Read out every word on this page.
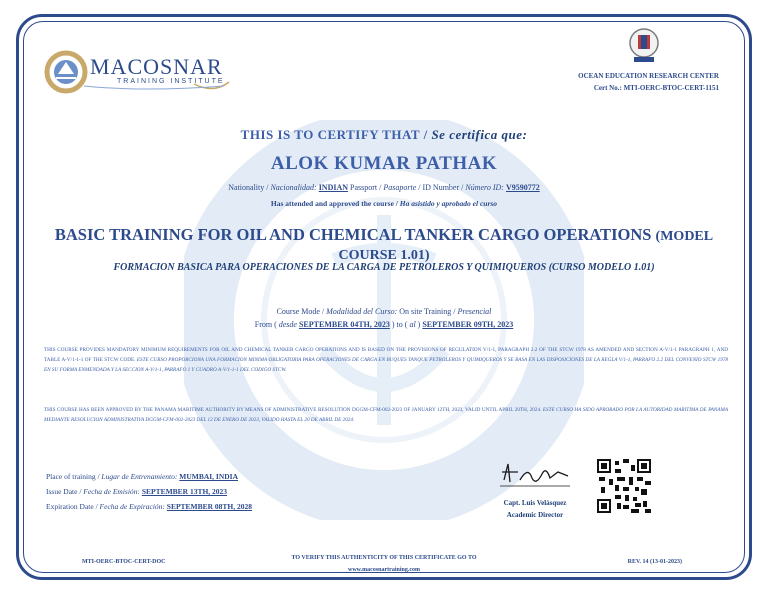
MACOSNAR
TRAINING INSTITUTE
OCEAN EDUCATION RESEARCH CENTER
Cert No.: MTI-OERC-BTOC-CERT-1151
THIS IS TO CERTIFY THAT / Se certifica que:
ALOK KUMAR PATHAK
Nationality / Nacionalidad: INDIAN Passport / Pasaporte / ID Number / Número ID: V9590772
Has attended and approved the course / Ha asistido y aprobado el curso
BASIC TRAINING FOR OIL AND CHEMICAL TANKER CARGO OPERATIONS (MODEL COURSE 1.01)
FORMACION BASICA PARA OPERACIONES DE LA CARGA DE PETROLEROS Y QUIMIQUEROS (CURSO MODELO 1.01)
Course Mode / Modalidad del Curso: On site Training / Presencial
From ( desde SEPTEMBER 04TH, 2023 ) to ( al ) SEPTEMBER 09TH, 2023
THIS COURSE PROVIDES MANDATORY MINIMUM REQUIREMENTS FOR OIL AND CHEMICAL TANKER CARGO OPERATIONS AND IS BASED ON THE PROVISIONS OF REGULATION V/1-1, PARAGRAPH 2.2 OF THE STCW 1978 AS AMENDED AND SECTION A-V/1-1 PARAGRAPH 1, AND TABLE A-V/1-1-1 OF THE STCW CODE. ESTE CURSO PROPORCIONA UNA FORMACION MINIMA OBLIGATORIA PARA OPERACIONES DE CARGA EN BUQUES TANQUE PETROLEROS Y QUIMIQUEROS Y SE BASA EN LAS DISPOSICIONES DE LA REGLA V/1-1, PARRAFO 2.2 DEL CONVENIO STCW 1978 EN SU FORMA ENMENDADA Y LA SECCION A-V/1-1, PARRAFO 1 Y CUADRO A-V/1-1-1 DEL CODIGO STCW.
THIS COURSE HAS BEEN APPROVED BY THE PANAMA MARITIME AUTHORITY BY MEANS OF ADMINISTRATIVE RESOLUTION DGGM-CFM-002-2023 OF JANUARY 12TH, 2023, VALID UNTIL APRIL 20TH, 2024. ESTE CURSO HA SIDO APROBADO POR LA AUTORIDAD MARITIMA DE PANAMA MEDIANTE RESOLUCION ADMINISTRATIVA DGGM-CFM-002-2023 DEL 12 DE ENERO DE 2023, VALIDO HASTA EL 20 DE ABRIL DE 2024.
Place of training / Lugar de Entrenamiento: MUMBAI, INDIA
Issue Date / Fecha de Emisión: SEPTEMBER 13TH, 2023
Expiration Date / Fecha de Expiración: SEPTEMBER 08TH, 2028	Capt. Luis Velásquez
Academic Director
MTI-OERC-BTOC-CERT-DOC
TO VERIFY THIS AUTHENTICITY OF THIS CERTIFICATE GO TO
www.macosnartraining.com
REV. 14 (13-01-2023)
